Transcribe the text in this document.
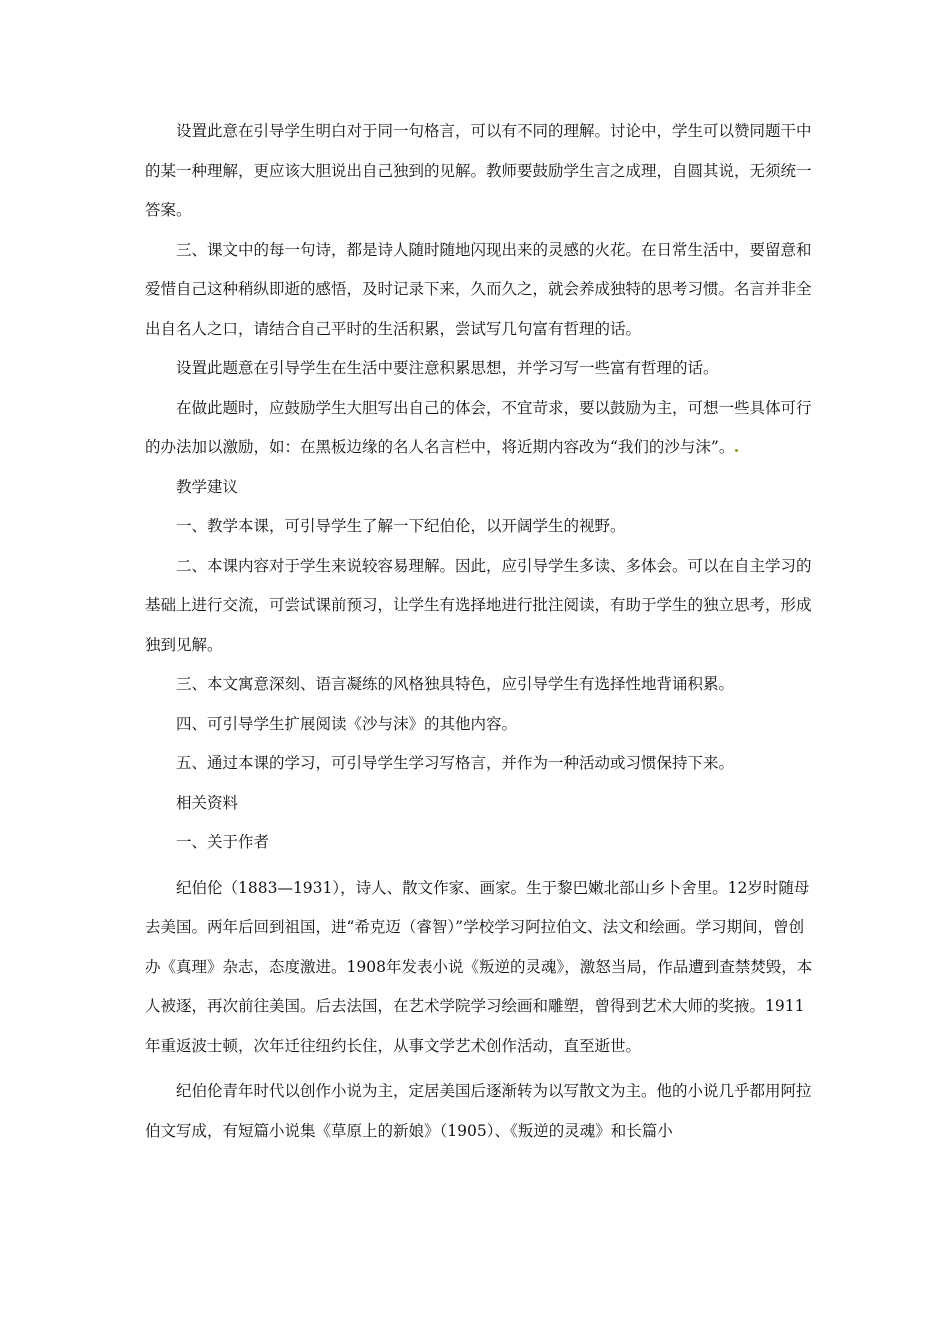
设置此意在引导学生明白对于同一句格言，可以有不同的理解。讨论中，学生可以赞同题干中的某一种理解，更应该大胆说出自己独到的见解。教师要鼓励学生言之成理，自圆其说，无须统一答案。

三、课文中的每一句诗，都是诗人随时随地闪现出来的灵感的火花。在日常生活中，要留意和爱惜自己这种稍纵即逝的感悟，及时记录下来，久而久之，就会养成独特的思考习惯。名言并非全出自名人之口，请结合自己平时的生活积累，尝试写几句富有哲理的话。

设置此题意在引导学生在生活中要注意积累思想，并学习写一些富有哲理的话。

在做此题时，应鼓励学生大胆写出自己的体会，不宜苛求，要以鼓励为主，可想一些具体可行的办法加以激励，如：在黑板边缘的名人名言栏中，将近期内容改为“我们的沙与沫”。

教学建议

一、教学本课，可引导学生了解一下纪伯伦，以开阔学生的视野。

二、本课内容对于学生来说较容易理解。因此，应引导学生多读、多体会。可以在自主学习的基础上进行交流，可尝试课前预习，让学生有选择地进行批注阅读，有助于学生的独立思考，形成独到见解。

三、本文寓意深刻、语言凝练的风格独具特色，应引导学生有选择性地背诵积累。

四、可引导学生扩展阅读《沙与沫》的其他内容。

五、通过本课的学习，可引导学生学习写格言，并作为一种活动或习惯保持下来。

相关资料

一、关于作者

纪伯伦（1883—1931），诗人、散文作家、画家。生于黎巴嫩北部山乡卜舍里。12岁时随母去美国。两年后回到祖国，进“希克迈（睿智）”学校学习阿拉伯文、法文和绘画。学习期间，曾创办《真理》杂志，态度激进。1908年发表小说《叛逆的灵魂》，激怒当局，作品遭到查禁焚毁，本人被逐，再次前往美国。后去法国，在艺术学院学习绘画和雕塑，曾得到艺术大师的奖掖。1911年重返波士顿，次年迁往纽约长住，从事文学艺术创作活动，直至逝世。

纪伯伦青年时代以创作小说为主，定居美国后逐渐转为以写散文为主。他的小说几乎都用阿拉伯文写成，有短篇小说集《草原上的新娘》（1905）、《叛逆的灵魂》和长篇小
